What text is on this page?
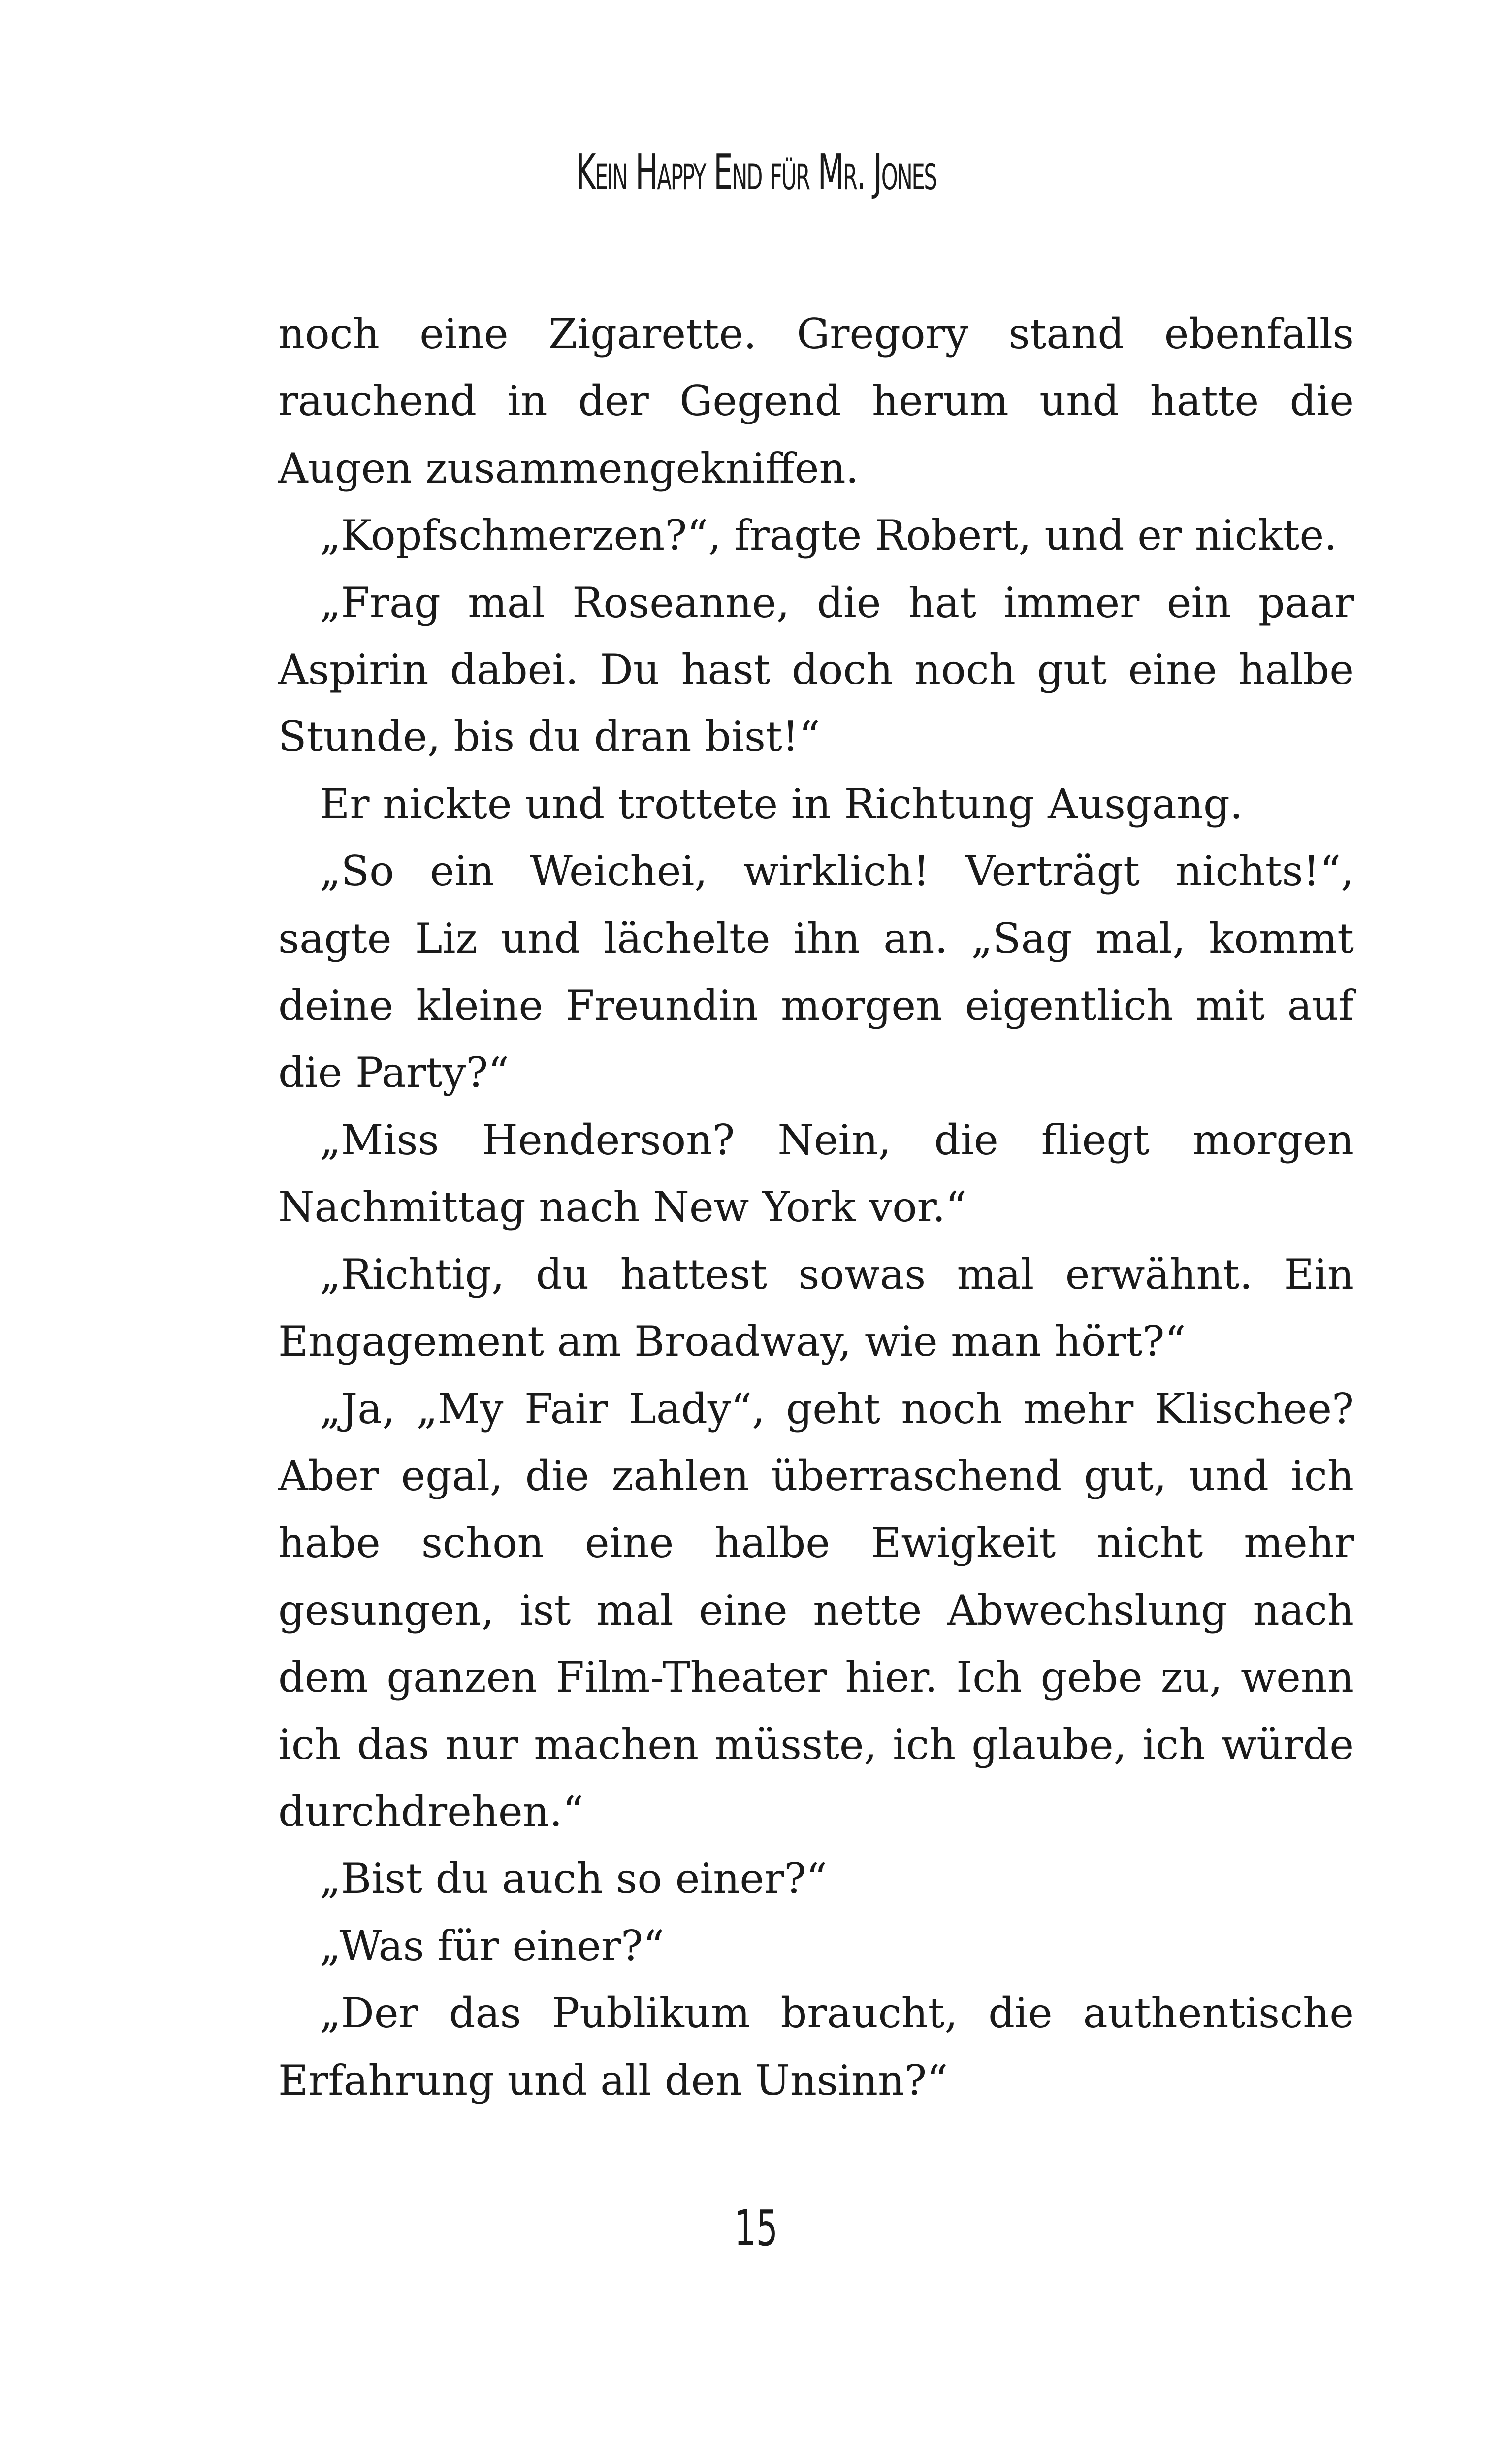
Kein Happy End für Mr. Jones

noch eine Zigarette. Gregory stand ebenfalls rauchend in der Gegend herum und hatte die Augen zusammengekniffen.

„Kopfschmerzen?“, fragte Robert, und er nickte.

„Frag mal Roseanne, die hat immer ein paar Aspirin dabei. Du hast doch noch gut eine halbe Stunde, bis du dran bist!“

Er nickte und trottete in Richtung Ausgang.

„So ein Weichei, wirklich! Verträgt nichts!“, sagte Liz und lächelte ihn an. „Sag mal, kommt deine kleine Freundin morgen eigentlich mit auf die Party?“

„Miss Henderson? Nein, die fliegt morgen Nachmittag nach New York vor.“

„Richtig, du hattest sowas mal erwähnt. Ein Engagement am Broadway, wie man hört?“

„Ja, „My Fair Lady“, geht noch mehr Klischee? Aber egal, die zahlen überraschend gut, und ich habe schon eine halbe Ewigkeit nicht mehr gesungen, ist mal eine nette Abwechslung nach dem ganzen Film-Theater hier. Ich gebe zu, wenn ich das nur machen müsste, ich glaube, ich würde durchdrehen.“

„Bist du auch so einer?“

„Was für einer?“

„Der das Publikum braucht, die authentische Erfahrung und all den Unsinn?“

15
